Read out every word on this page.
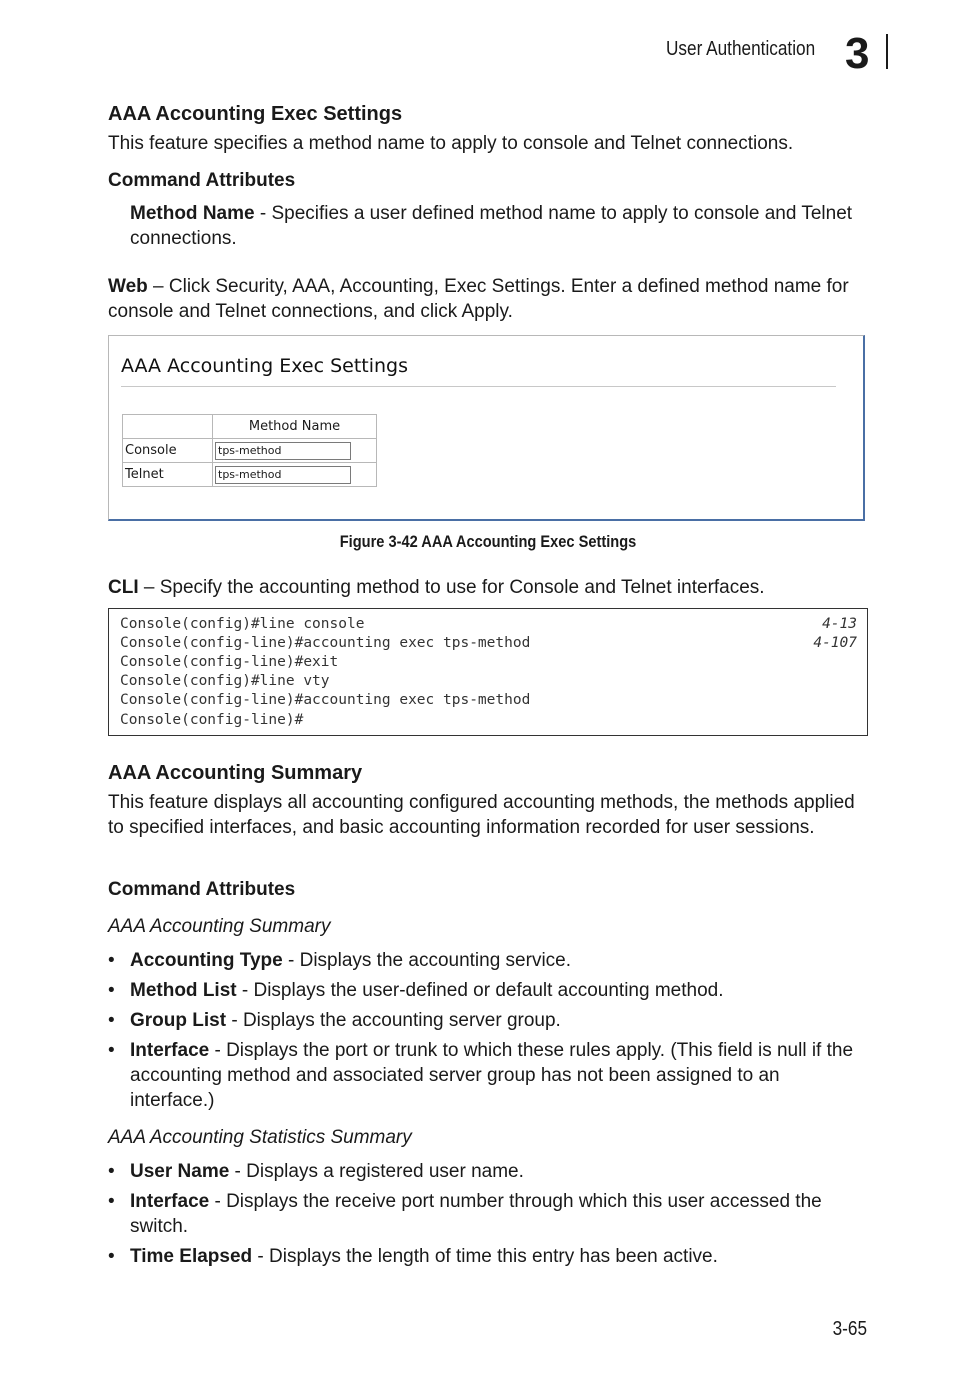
User Authentication 3
AAA Accounting Exec Settings

This feature specifies a method name to apply to console and Telnet connections.

Command Attributes

Method Name - Specifies a user defined method name to apply to console and Telnet connections.

Web – Click Security, AAA, Accounting, Exec Settings. Enter a defined method name for console and Telnet connections, and click Apply.

AAA Accounting Exec Settings
	Method Name
Console	tps-method

Telnet	tps-method
Figure 3-42 AAA Accounting Exec Settings

CLI – Specify the accounting method to use for Console and Telnet interfaces.

Console(config)#line console	4-13
Console(config-line)#accounting exec tps-method	4-107
Console(config-line)#exit
Console(config)#line vty
Console(config-line)#accounting exec tps-method
Console(config-line)#
AAA Accounting Summary

This feature displays all accounting configured accounting methods, the methods applied to specified interfaces, and basic accounting information recorded for user sessions.

Command Attributes

AAA Accounting Summary

• Accounting Type - Displays the accounting service.
• Method List - Displays the user-defined or default accounting method.
• Group List - Displays the accounting server group.
• Interface - Displays the port or trunk to which these rules apply. (This field is null if the accounting method and associated server group has not been assigned to an interface.)

AAA Accounting Statistics Summary

• User Name - Displays a registered user name.
• Interface - Displays the receive port number through which this user accessed the switch.
• Time Elapsed - Displays the length of time this entry has been active.
3-65
